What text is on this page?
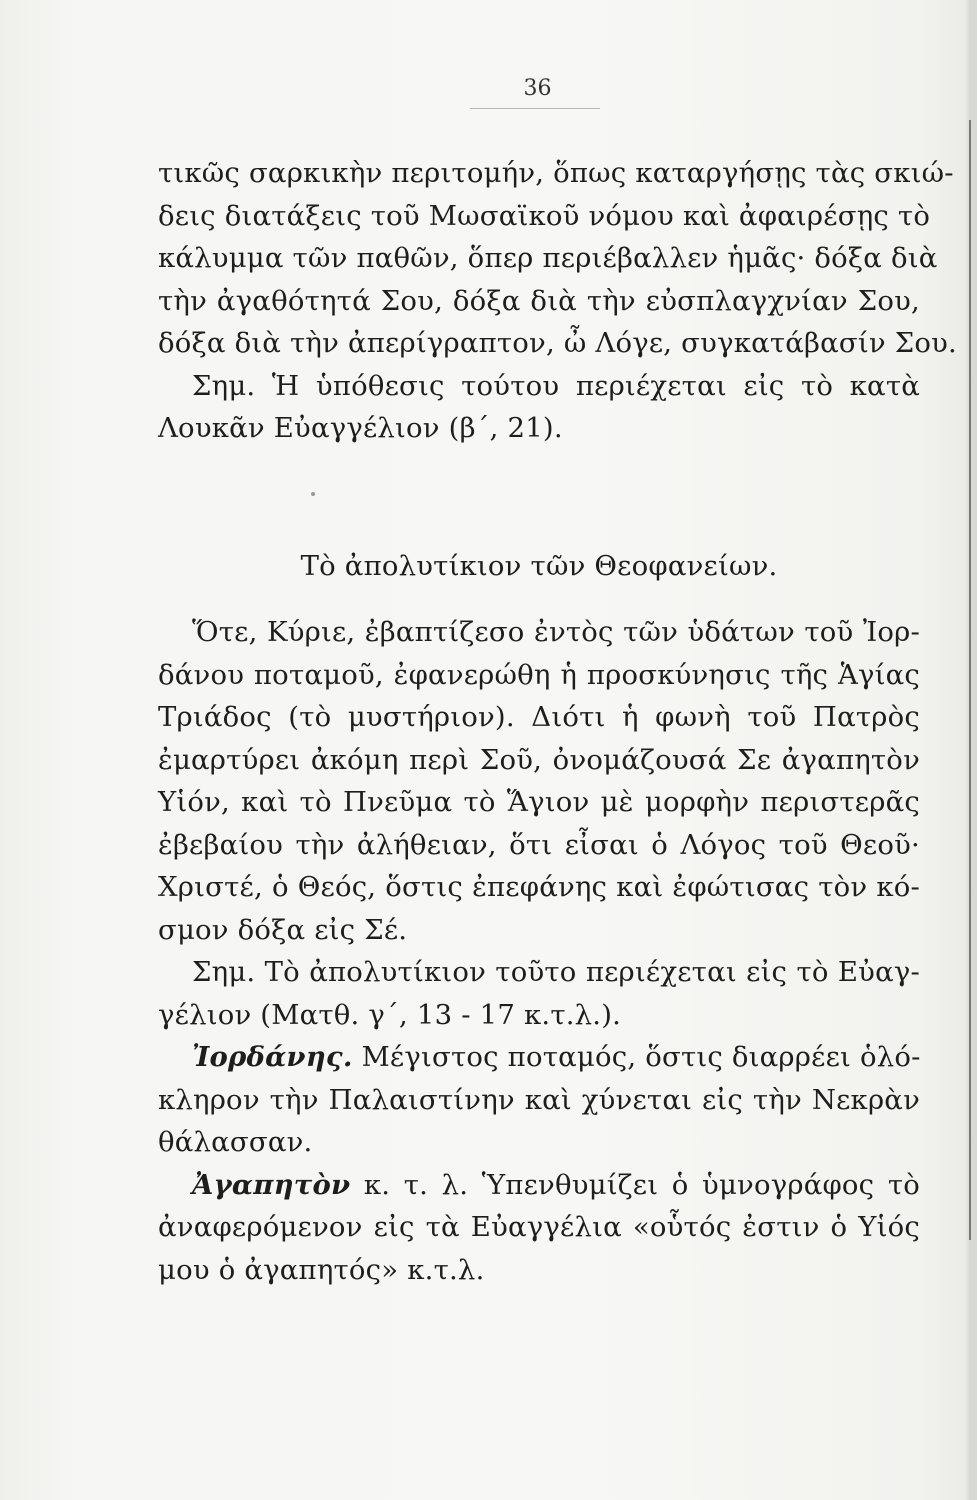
36
τικῶς σαρκικὴν περιτομήν, ὅπως καταργήσῃς τὰς σκιώ-
δεις διατάξεις τοῦ Μωσαϊκοῦ νόμου καὶ ἀφαιρέσῃς τὸ
κάλυμμα τῶν παθῶν, ὅπερ περιέβαλλεν ἡμᾶς· δόξα διὰ
τὴν ἀγαθότητά Σου, δόξα διὰ τὴν εὐσπλαγχνίαν Σου,
δόξα διὰ τὴν ἀπερίγραπτον, ὦ Λόγε, συγκατάβασίν Σου.
Σημ. Ἡ ὑπόθεσις τούτου περιέχεται εἰς τὸ κατὰ
Λουκᾶν Εὐαγγέλιον (β΄, 21).
Τὸ ἀπολυτίκιον τῶν Θεοφανείων.
Ὅτε, Κύριε, ἐβαπτίζεσο ἐντὸς τῶν ὑδάτων τοῦ Ἰορ-
δάνου ποταμοῦ, ἐφανερώθη ἡ προσκύνησις τῆς Ἁγίας
Τριάδος (τὸ μυστήριον). Διότι ἡ φωνὴ τοῦ Πατρὸς
ἐμαρτύρει ἀκόμη περὶ Σοῦ, ὀνομάζουσά Σε ἀγαπητὸν
Υἱόν, καὶ τὸ Πνεῦμα τὸ Ἅγιον μὲ μορφὴν περιστερᾶς
ἐβεβαίου τὴν ἀλήθειαν, ὅτι εἶσαι ὁ Λόγος τοῦ Θεοῦ·
Χριστέ, ὁ Θεός, ὅστις ἐπεφάνης καὶ ἐφώτισας τὸν κό-
σμον δόξα εἰς Σέ.
Σημ. Τὸ ἀπολυτίκιον τοῦτο περιέχεται εἰς τὸ Εὐαγ-
γέλιον (Ματθ. γ΄, 13 - 17 κ.τ.λ.).
Ἰορδάνης. Μέγιστος ποταμός, ὅστις διαρρέει ὁλό-
κληρον τὴν Παλαιστίνην καὶ χύνεται εἰς τὴν Νεκρὰν
θάλασσαν.
Ἀγαπητὸν κ. τ. λ. Ὑπενθυμίζει ὁ ὑμνογράφος τὸ
ἀναφερόμενον εἰς τὰ Εὐαγγέλια «οὗτός ἐστιν ὁ Υἱός
μου ὁ ἀγαπητός» κ.τ.λ.
